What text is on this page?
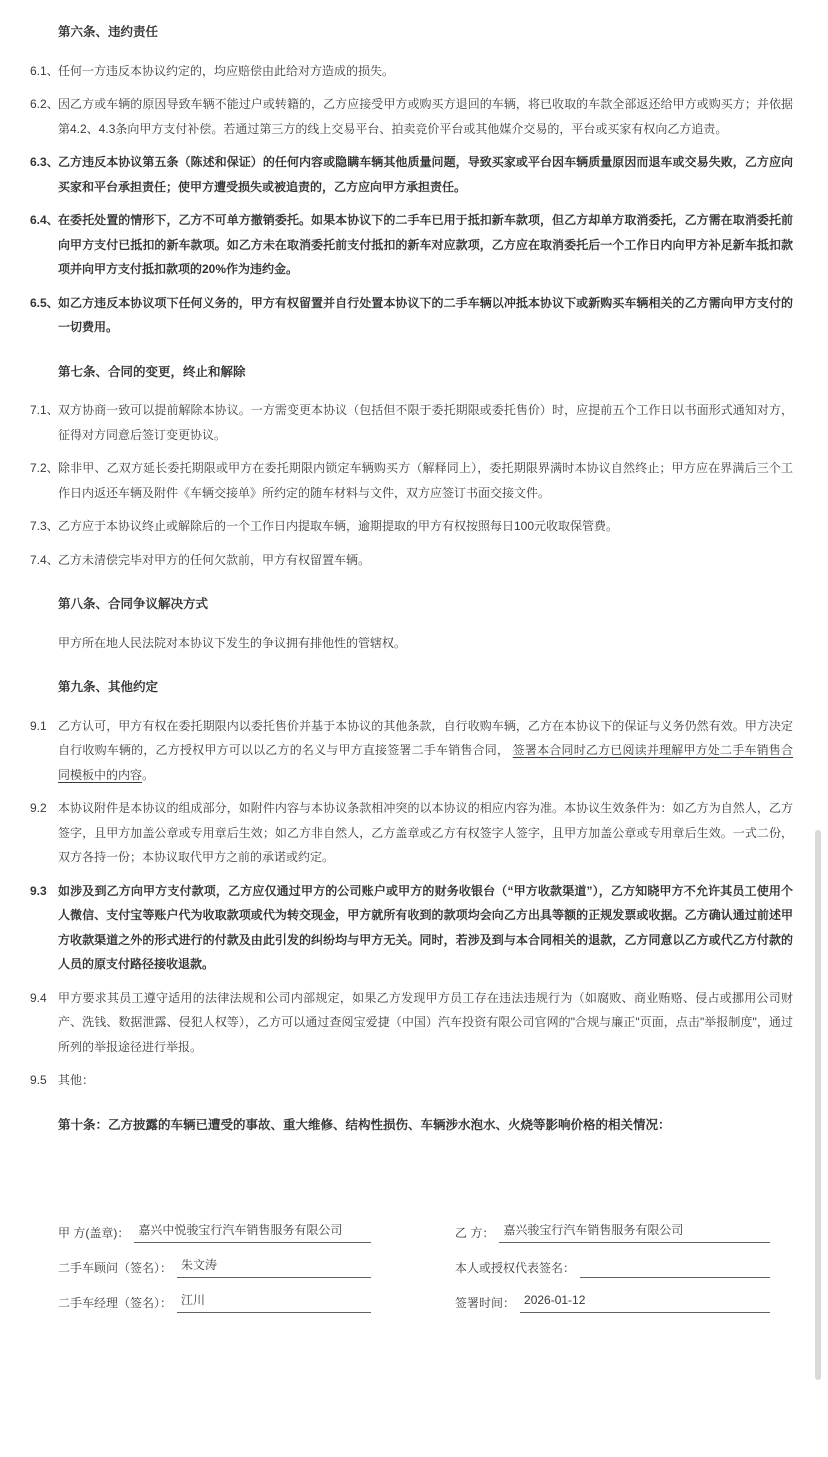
第六条、违约责任
6.1、 任何一方违反本协议约定的，均应赔偿由此给对方造成的损失。

6.2、 因乙方或车辆的原因导致车辆不能过户或转籍的，乙方应接受甲方或购买方退回的车辆，将已收取的车款全部返还给甲方或购买方；并依据第4.2、4.3条向甲方支付补偿。若通过第三方的线上交易平台、拍卖竞价平台或其他媒介交易的，平台或买家有权向乙方追责。

6.3、 乙方违反本协议第五条（陈述和保证）的任何内容或隐瞒车辆其他质量问题，导致买家或平台因车辆质量原因而退车或交易失败，乙方应向买家和平台承担责任；使甲方遭受损失或被追责的，乙方应向甲方承担责任。

6.4、 在委托处置的情形下，乙方不可单方撤销委托。如果本协议下的二手车已用于抵扣新车款项，但乙方却单方取消委托，乙方需在取消委托前向甲方支付已抵扣的新车款项。如乙方未在取消委托前支付抵扣的新车对应款项，乙方应在取消委托后一个工作日内向甲方补足新车抵扣款项并向甲方支付抵扣款项的20%作为违约金。

6.5、 如乙方违反本协议项下任何义务的，甲方有权留置并自行处置本协议下的二手车辆以冲抵本协议下或新购买车辆相关的乙方需向甲方支付的一切费用。

第七条、合同的变更，终止和解除
7.1、 双方协商一致可以提前解除本协议。一方需变更本协议（包括但不限于委托期限或委托售价）时，应提前五个工作日以书面形式通知对方，征得对方同意后签订变更协议。

7.2、 除非甲、乙双方延长委托期限或甲方在委托期限内锁定车辆购买方（解释同上），委托期限界满时本协议自然终止；甲方应在界满后三个工作日内返还车辆及附件《车辆交接单》所约定的随车材料与文件，双方应签订书面交接文件。

7.3、 乙方应于本协议终止或解除后的一个工作日内提取车辆，逾期提取的甲方有权按照每日100元收取保管费。

7.4、 乙方未清偿完毕对甲方的任何欠款前，甲方有权留置车辆。

第八条、合同争议解决方式

甲方所在地人民法院对本协议下发生的争议拥有排他性的管辖权。

第九条、其他约定
9.1 乙方认可，甲方有权在委托期限内以委托售价并基于本协议的其他条款，自行收购车辆，乙方在本协议下的保证与义务仍然有效。甲方决定自行收购车辆的，乙方授权甲方可以以乙方的名义与甲方直接签署二手车销售合同， 签署本合同时乙方已阅读并理解甲方处二手车销售合同模板中的内容。

9.2 本协议附件是本协议的组成部分，如附件内容与本协议条款相冲突的以本协议的相应内容为准。本协议生效条件为：如乙方为自然人，乙方签字，且甲方加盖公章或专用章后生效；如乙方非自然人，乙方盖章或乙方有权签字人签字，且甲方加盖公章或专用章后生效。一式二份，双方各持一份；本协议取代甲方之前的承诺或约定。

9.3 如涉及到乙方向甲方支付款项，乙方应仅通过甲方的公司账户或甲方的财务收银台（“甲方收款渠道”），乙方知晓甲方不允许其员工使用个人微信、支付宝等账户代为收取款项或代为转交现金，甲方就所有收到的款项均会向乙方出具等额的正规发票或收据。乙方确认通过前述甲方收款渠道之外的形式进行的付款及由此引发的纠纷均与甲方无关。同时，若涉及到与本合同相关的退款，乙方同意以乙方或代乙方付款的人员的原支付路径接收退款。

9.4 甲方要求其员工遵守适用的法律法规和公司内部规定，如果乙方发现甲方员工存在违法违规行为（如腐败、商业贿赂、侵占或挪用公司财产、洗钱、数据泄露、侵犯人权等），乙方可以通过查阅宝爱捷（中国）汽车投资有限公司官网的"合规与廉正"页面，点击"举报制度"，通过所列的举报途径进行举报。

9.5 其他：

第十条：乙方披露的车辆已遭受的事故、重大维修、结构性损伤、车辆涉水泡水、火烧等影响价格的相关情况：
甲 方(盖章)： 嘉兴中悦骏宝行汽车销售服务有限公司	乙 方： 嘉兴骏宝行汽车销售服务有限公司
二手车顾问（签名）： 朱文涛	本人或授权代表签名：
二手车经理（签名）： 江川	签署时间： 2026-01-12
